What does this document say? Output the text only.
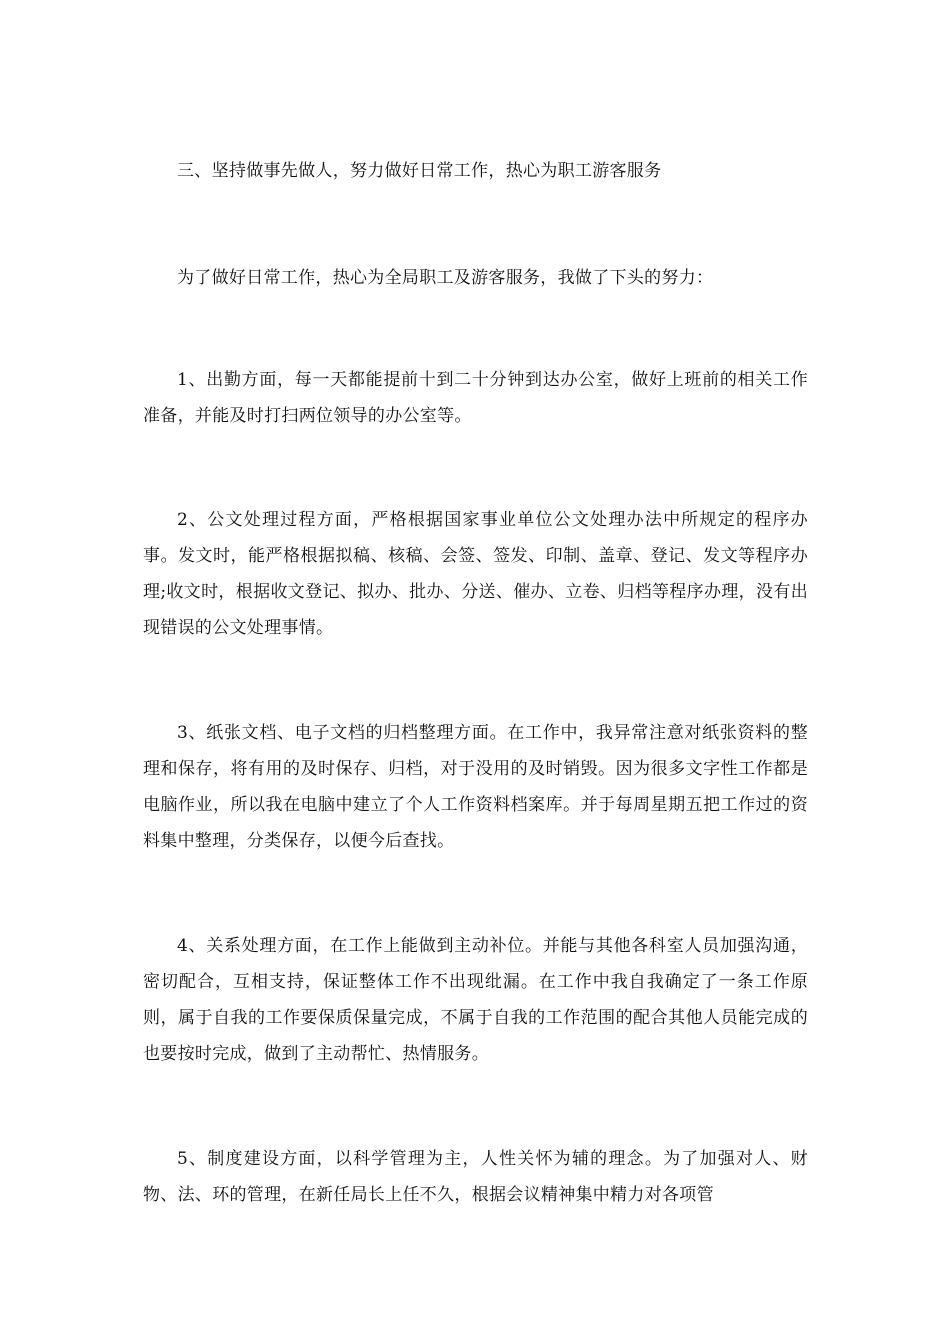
三、坚持做事先做人，努力做好日常工作，热心为职工游客服务

为了做好日常工作，热心为全局职工及游客服务，我做了下头的努力：

1、出勤方面，每一天都能提前十到二十分钟到达办公室，做好上班前的相关工作准备，并能及时打扫两位领导的办公室等。

2、公文处理过程方面，严格根据国家事业单位公文处理办法中所规定的程序办事。发文时，能严格根据拟稿、核稿、会签、签发、印制、盖章、登记、发文等程序办理;收文时，根据收文登记、拟办、批办、分送、催办、立卷、归档等程序办理，没有出现错误的公文处理事情。

3、纸张文档、电子文档的归档整理方面。在工作中，我异常注意对纸张资料的整理和保存，将有用的及时保存、归档，对于没用的及时销毁。因为很多文字性工作都是电脑作业，所以我在电脑中建立了个人工作资料档案库。并于每周星期五把工作过的资料集中整理，分类保存，以便今后查找。

4、关系处理方面，在工作上能做到主动补位。并能与其他各科室人员加强沟通，密切配合，互相支持，保证整体工作不出现纰漏。在工作中我自我确定了一条工作原则，属于自我的工作要保质保量完成，不属于自我的工作范围的配合其他人员能完成的也要按时完成，做到了主动帮忙、热情服务。

5、制度建设方面，以科学管理为主，人性关怀为辅的理念。为了加强对人、财物、法、环的管理，在新任局长上任不久，根据会议精神集中精力对各项管
